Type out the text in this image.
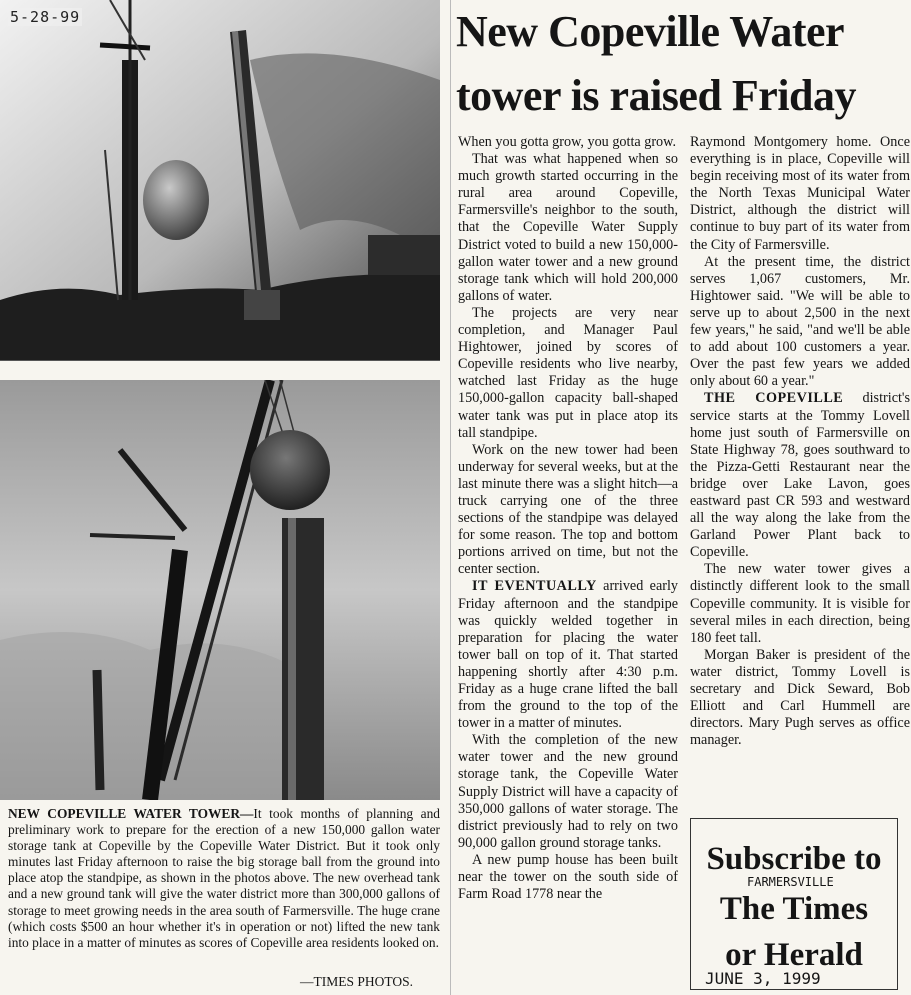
5-28-99
NEW COPEVILLE WATER TOWER—It took months of planning and preliminary work to prepare for the erection of a new 150,000 gallon water storage tank at Copeville by the Copeville Water District. But it took only minutes last Friday afternoon to raise the big storage ball from the ground into place atop the standpipe, as shown in the photos above. The new overhead tank and a new ground tank will give the water district more than 300,000 gallons of storage to meet growing needs in the area south of Farmersville. The huge crane (which costs $500 an hour whether it's in operation or not) lifted the new tank into place in a matter of minutes as scores of Copeville area residents looked on.
—TIMES PHOTOS.
New Copeville Water tower is raised Friday

When you gotta grow, you gotta grow.

That was what happened when so much growth started occurring in the rural area around Copeville, Farmersville's neighbor to the south, that the Copeville Water Supply District voted to build a new 150,000-gallon water tower and a new ground storage tank which will hold 200,000 gallons of water.

The projects are very near completion, and Manager Paul Hightower, joined by scores of Copeville residents who live nearby, watched last Friday as the huge 150,000-gallon capacity ball-shaped water tank was put in place atop its tall standpipe.

Work on the new tower had been underway for several weeks, but at the last minute there was a slight hitch—a truck carrying one of the three sections of the standpipe was delayed for some reason. The top and bottom portions arrived on time, but not the center section.

IT EVENTUALLY arrived early Friday afternoon and the standpipe was quickly welded together in preparation for placing the water tower ball on top of it. That started happening shortly after 4:30 p.m. Friday as a huge crane lifted the ball from the ground to the top of the tower in a matter of minutes.

With the completion of the new water tower and the new ground storage tank, the Copeville Water Supply District will have a capacity of 350,000 gallons of water storage. The district previously had to rely on two 90,000 gallon ground storage tanks.

A new pump house has been built near the tower on the south side of Farm Road 1778 near the

Raymond Montgomery home. Once everything is in place, Copeville will begin receiving most of its water from the North Texas Municipal Water District, although the district will continue to buy part of its water from the City of Farmersville.

At the present time, the district serves 1,067 customers, Mr. Hightower said. "We will be able to serve up to about 2,500 in the next few years," he said, "and we'll be able to add about 100 customers a year. Over the past few years we added only about 60 a year."

THE COPEVILLE district's service starts at the Tommy Lovell home just south of Farmersville on State Highway 78, goes southward to the Pizza-Getti Restaurant near the bridge over Lake Lavon, goes eastward past CR 593 and westward all the way along the lake from the Garland Power Plant back to Copeville.

The new water tower gives a distinctly different look to the small Copeville community. It is visible for several miles in each direction, being 180 feet tall.

Morgan Baker is president of the water district, Tommy Lovell is secretary and Dick Seward, Bob Elliott and Carl Hummell are directors. Mary Pugh serves as office manager.

Subscribe to
FARMERSVILLE
The Times
or Herald
JUNE 3, 1999
